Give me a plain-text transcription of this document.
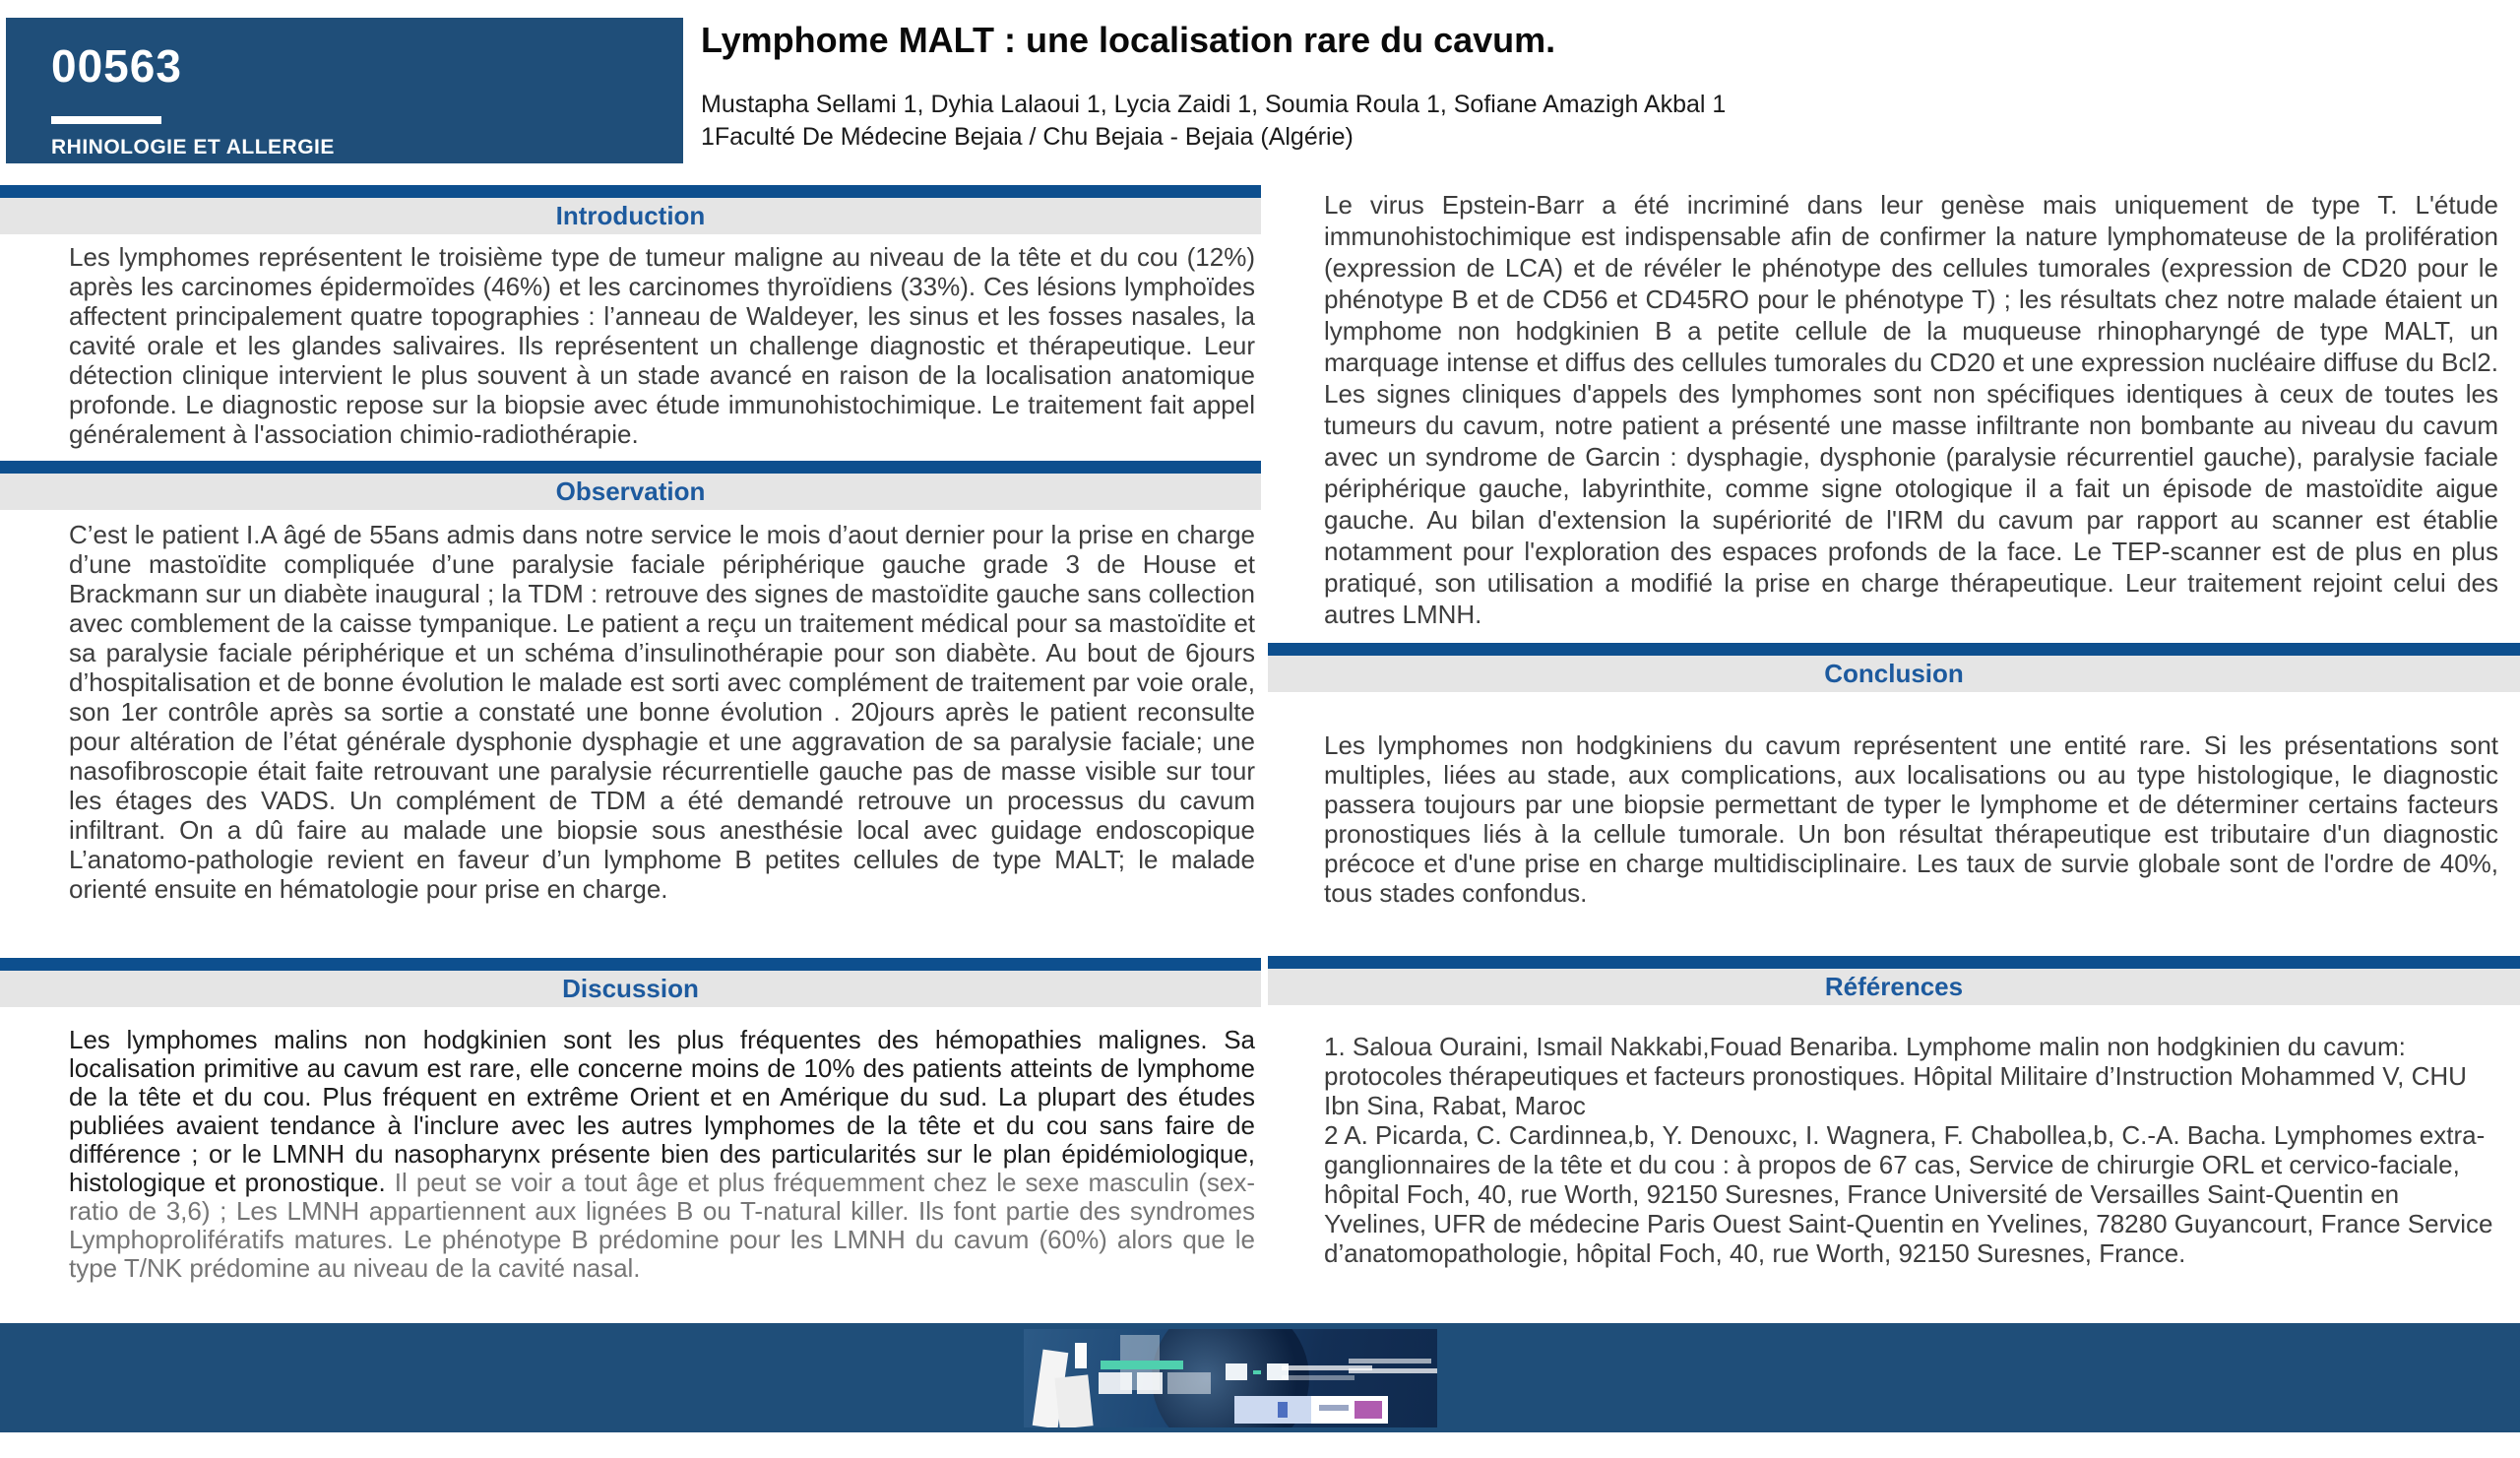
00563
RHINOLOGIE ET ALLERGIE
Lymphome MALT : une localisation rare du cavum.

Mustapha Sellami 1, Dyhia Lalaoui 1, Lycia Zaidi 1, Soumia Roula 1, Sofiane Amazigh Akbal 1

1Faculté De Médecine Bejaia / Chu Bejaia - Bejaia (Algérie)

Introduction
Les lymphomes représentent le troisième type de tumeur maligne au niveau de la tête et du cou (12%) après les carcinomes épidermoïdes (46%) et les carcinomes thyroïdiens (33%). Ces lésions lymphoïdes affectent principalement quatre topographies : l’anneau de Waldeyer, les sinus et les fosses nasales, la cavité orale et les glandes salivaires. Ils représentent un challenge diagnostic et thérapeutique. Leur détection clinique intervient le plus souvent à un stade avancé en raison de la localisation anatomique profonde. Le diagnostic repose sur la biopsie avec étude immunohistochimique. Le traitement fait appel généralement à l'association chimio-radiothérapie.
Observation
C’est le patient I.A âgé de 55ans admis dans notre service le mois d’aout dernier pour la prise en charge d’une mastoïdite compliquée d’une paralysie faciale périphérique gauche grade 3 de House et Brackmann sur un diabète inaugural ; la TDM : retrouve des signes de mastoïdite gauche sans collection avec comblement de la caisse tympanique. Le patient a reçu un traitement médical pour sa mastoïdite et sa paralysie faciale périphérique et un schéma d’insulinothérapie pour son diabète. Au bout de 6jours d’hospitalisation et de bonne évolution le malade est sorti avec complément de traitement par voie orale, son 1er contrôle après sa sortie a constaté une bonne évolution . 20jours après le patient reconsulte pour altération de l’état générale dysphonie dysphagie et une aggravation de sa paralysie faciale; une nasofibroscopie était faite retrouvant une paralysie récurrentielle gauche pas de masse visible sur tour les étages des VADS. Un complément de TDM a été demandé retrouve un processus du cavum infiltrant. On a dû faire au malade une biopsie sous anesthésie local avec guidage endoscopique L’anatomo-pathologie revient en faveur d’un lymphome B petites cellules de type MALT; le malade orienté ensuite en hématologie pour prise en charge.
Discussion
Les lymphomes malins non hodgkinien sont les plus fréquentes des hémopathies malignes. Sa localisation primitive au cavum est rare, elle concerne moins de 10% des patients atteints de lymphome de la tête et du cou. Plus fréquent en extrême Orient et en Amérique du sud. La plupart des études publiées avaient tendance à l'inclure avec les autres lymphomes de la tête et du cou sans faire de différence ; or le LMNH du nasopharynx présente bien des particularités sur le plan épidémiologique, histologique et pronostique. Il peut se voir a tout âge et plus fréquemment chez le sexe masculin (sex-ratio de 3,6) ; Les LMNH appartiennent aux lignées B ou T-natural killer. Ils font partie des syndromes Lymphoprolifératifs matures. Le phénotype B prédomine pour les LMNH du cavum (60%) alors que le type T/NK prédomine au niveau de la cavité nasal.
Le virus Epstein-Barr a été incriminé dans leur genèse mais uniquement de type T. L'étude immunohistochimique est indispensable afin de confirmer la nature lymphomateuse de la prolifération (expression de LCA) et de révéler le phénotype des cellules tumorales (expression de CD20 pour le phénotype B et de CD56 et CD45RO pour le phénotype T) ; les résultats chez notre malade étaient un lymphome non hodgkinien B a petite cellule de la muqueuse rhinopharyngé de type MALT, un marquage intense et diffus des cellules tumorales du CD20 et une expression nucléaire diffuse du Bcl2. Les signes cliniques d'appels des lymphomes sont non spécifiques identiques à ceux de toutes les tumeurs du cavum, notre patient a présenté une masse infiltrante non bombante au niveau du cavum avec un syndrome de Garcin : dysphagie, dysphonie (paralysie récurrentiel gauche), paralysie faciale périphérique gauche, labyrinthite, comme signe otologique il a fait un épisode de mastoïdite aigue gauche. Au bilan d'extension la supériorité de l'IRM du cavum par rapport au scanner est établie notamment pour l'exploration des espaces profonds de la face. Le TEP-scanner est de plus en plus pratiqué, son utilisation a modifié la prise en charge thérapeutique. Leur traitement rejoint celui des autres LMNH.
Conclusion
Les lymphomes non hodgkiniens du cavum représentent une entité rare. Si les présentations sont multiples, liées au stade, aux complications, aux localisations ou au type histologique, le diagnostic passera toujours par une biopsie permettant de typer le lymphome et de déterminer certains facteurs pronostiques liés à la cellule tumorale. Un bon résultat thérapeutique est tributaire d'un diagnostic précoce et d'une prise en charge multidisciplinaire. Les taux de survie globale sont de l'ordre de 40%, tous stades confondus.
Références

1. Saloua Ouraini, Ismail Nakkabi,Fouad Benariba. Lymphome malin non hodgkinien du cavum: protocoles thérapeutiques et facteurs pronostiques. Hôpital Militaire d’Instruction Mohammed V, CHU Ibn Sina, Rabat, Maroc

2 A. Picarda, C. Cardinnea,b, Y. Denouxc, I. Wagnera, F. Chabollea,b, C.-A. Bacha. Lymphomes extra-ganglionnaires de la tête et du cou : à propos de 67 cas, Service de chirurgie ORL et cervico-faciale, hôpital Foch, 40, rue Worth, 92150 Suresnes, France Université de Versailles Saint-Quentin en Yvelines, UFR de médecine Paris Ouest Saint-Quentin en Yvelines, 78280 Guyancourt, France Service d’anatomopathologie, hôpital Foch, 40, rue Worth, 92150 Suresnes, France.
